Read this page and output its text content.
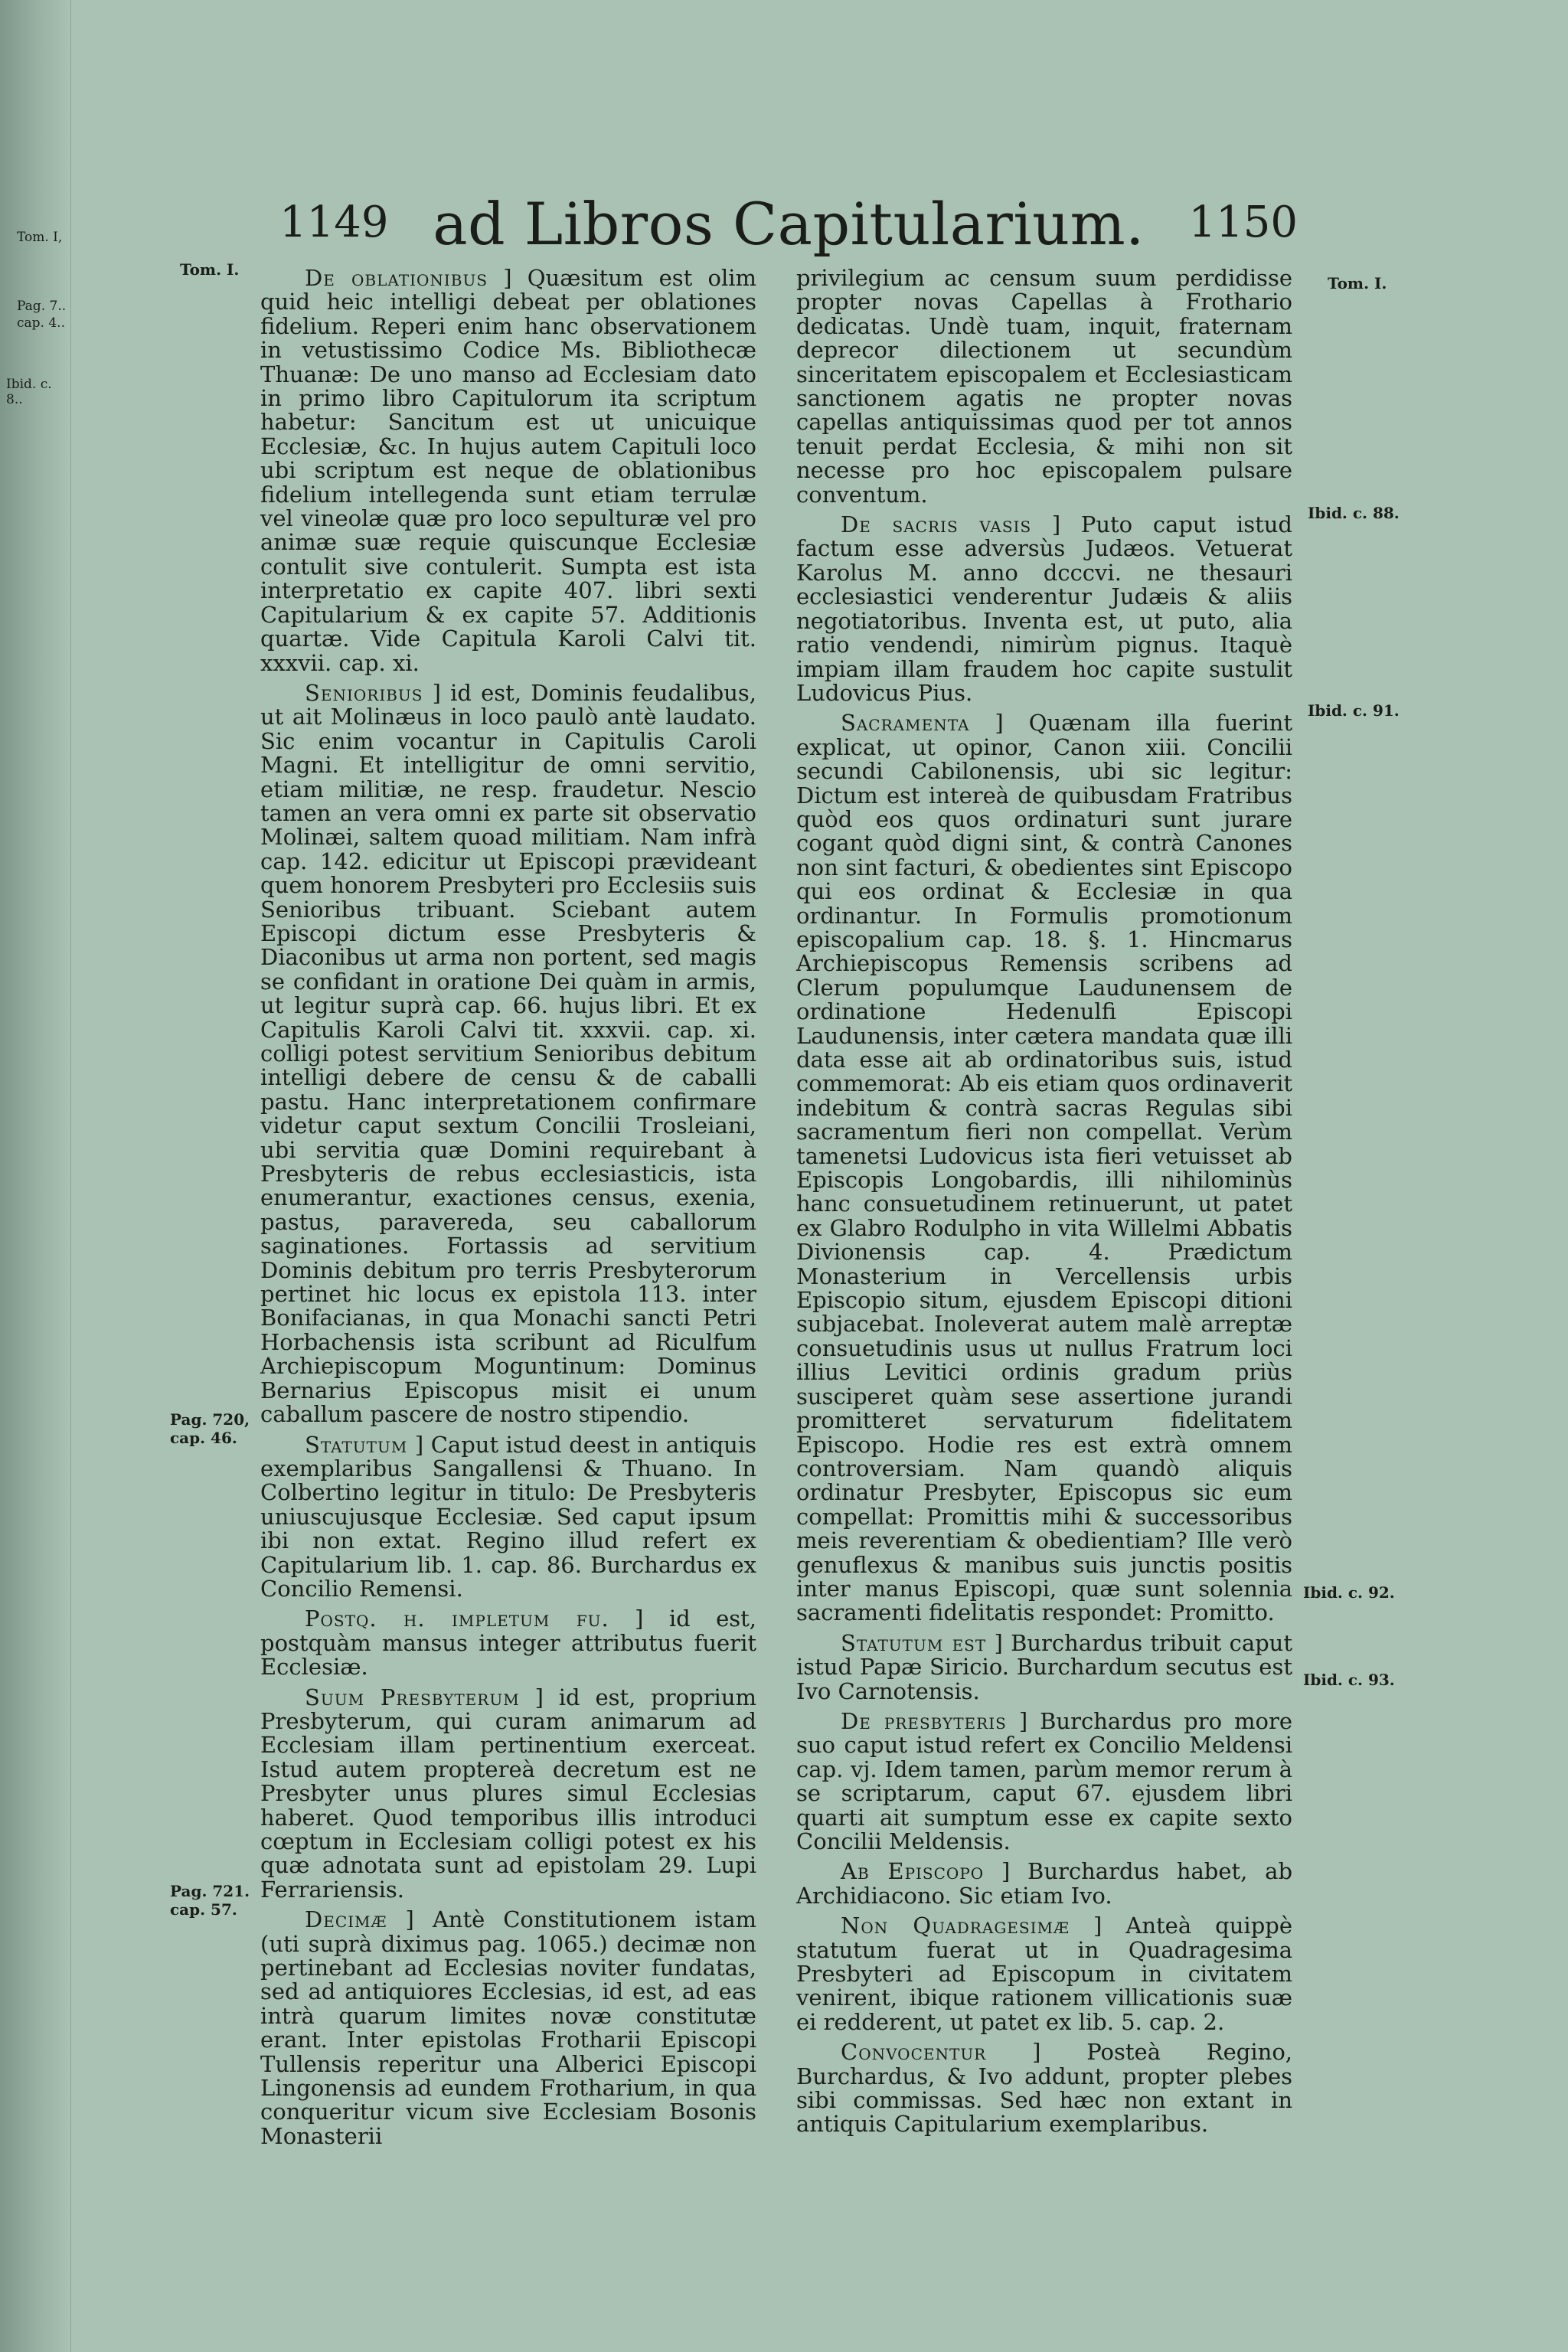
Tom. I,
Pag. 7..
cap. 4..
Ibid. c. 8..
1149 ad Libros Capitularium.	1150
Tom. I.
Pag. 720,
cap. 46.
Pag. 721.
cap. 57.
Tom. I.
Ibid. c. 88.
Ibid. c. 91.
Ibid. c. 92.
Ibid. c. 93.

De oblationibus ] Quæsitum est olim quid heic intelligi debeat per oblationes fidelium. Reperi enim hanc observationem in vetustissimo Codice Ms. Bibliothecæ Thuanæ: De uno manso ad Ecclesiam dato in primo libro Capitulorum ita scriptum habetur: Sancitum est ut unicuique Ecclesiæ, &c. In hujus autem Capituli loco ubi scriptum est neque de oblationibus fidelium intellegenda sunt etiam terrulæ vel vineolæ quæ pro loco sepulturæ vel pro animæ suæ requie quiscunque Ecclesiæ contulit sive contulerit. Sumpta est ista interpretatio ex capite 407. libri sexti Capitularium & ex capite 57. Additionis quartæ. Vide Capitula Karoli Calvi tit. xxxvii. cap. xi.

Senioribus ] id est, Dominis feudalibus, ut ait Molinæus in loco paulò antè laudato. Sic enim vocantur in Capitulis Caroli Magni. Et intelligitur de omni servitio, etiam militiæ, ne resp. fraudetur. Nescio tamen an vera omni ex parte sit observatio Molinæi, saltem quoad militiam. Nam infrà cap. 142. edicitur ut Episcopi prævideant quem honorem Presbyteri pro Ecclesiis suis Senioribus tribuant. Sciebant autem Episcopi dictum esse Presbyteris & Diaconibus ut arma non portent, sed magis se confidant in oratione Dei quàm in armis, ut legitur suprà cap. 66. hujus libri. Et ex Capitulis Karoli Calvi tit. xxxvii. cap. xi. colligi potest servitium Senioribus debitum intelligi debere de censu & de caballi pastu. Hanc interpretationem confirmare videtur caput sextum Concilii Trosleiani, ubi servitia quæ Domini requirebant à Presbyteris de rebus ecclesiasticis, ista enumerantur, exactiones census, exenia, pastus, paravereda, seu caballorum saginationes. Fortassis ad servitium Dominis debitum pro terris Presbyterorum pertinet hic locus ex epistola 113. inter Bonifacianas, in qua Monachi sancti Petri Horbachensis ista scribunt ad Riculfum Archiepiscopum Moguntinum: Dominus Bernarius Episcopus misit ei unum caballum pascere de nostro stipendio.

Statutum ] Caput istud deest in antiquis exemplaribus Sangallensi & Thuano. In Colbertino legitur in titulo: De Presbyteris uniuscujusque Ecclesiæ. Sed caput ipsum ibi non extat. Regino illud refert ex Capitularium lib. 1. cap. 86. Burchardus ex Concilio Remensi.

Postq. h. impletum fu. ] id est, postquàm mansus integer attributus fuerit Ecclesiæ.

Suum Presbyterum ] id est, proprium Presbyterum, qui curam animarum ad Ecclesiam illam pertinentium exerceat. Istud autem proptereà decretum est ne Presbyter unus plures simul Ecclesias haberet. Quod temporibus illis introduci cœptum in Ecclesiam colligi potest ex his quæ adnotata sunt ad epistolam 29. Lupi Ferrariensis.

Decimæ ] Antè Constitutionem istam (uti suprà diximus pag. 1065.) decimæ non pertinebant ad Ecclesias noviter fundatas, sed ad antiquiores Ecclesias, id est, ad eas intrà quarum limites novæ constitutæ erant. Inter epistolas Frotharii Episcopi Tullensis reperitur una Alberici Episcopi Lingonensis ad eundem Frotharium, in qua conqueritur vicum sive Ecclesiam Bosonis Monasterii

privilegium ac censum suum perdidisse propter novas Capellas à Frothario dedicatas. Undè tuam, inquit, fraternam deprecor dilectionem ut secundùm sinceritatem episcopalem et Ecclesiasticam sanctionem agatis ne propter novas capellas antiquissimas quod per tot annos tenuit perdat Ecclesia, & mihi non sit necesse pro hoc episcopalem pulsare conventum.

De sacris vasis ] Puto caput istud factum esse adversùs Judæos. Vetuerat Karolus M. anno dcccvi. ne thesauri ecclesiastici venderentur Judæis & aliis negotiatoribus. Inventa est, ut puto, alia ratio vendendi, nimirùm pignus. Itaquè impiam illam fraudem hoc capite sustulit Ludovicus Pius.

Sacramenta ] Quænam illa fuerint explicat, ut opinor, Canon xiii. Concilii secundi Cabilonensis, ubi sic legitur: Dictum est intereà de quibusdam Fratribus quòd eos quos ordinaturi sunt jurare cogant quòd digni sint, & contrà Canones non sint facturi, & obedientes sint Episcopo qui eos ordinat & Ecclesiæ in qua ordinantur. In Formulis promotionum episcopalium cap. 18. §. 1. Hincmarus Archiepiscopus Remensis scribens ad Clerum populumque Laudunensem de ordinatione Hedenulfi Episcopi Laudunensis, inter cætera mandata quæ illi data esse ait ab ordinatoribus suis, istud commemorat: Ab eis etiam quos ordinaverit indebitum & contrà sacras Regulas sibi sacramentum fieri non compellat. Verùm tamenetsi Ludovicus ista fieri vetuisset ab Episcopis Longobardis, illi nihilominùs hanc consuetudinem retinuerunt, ut patet ex Glabro Rodulpho in vita Willelmi Abbatis Divionensis cap. 4. Prædictum Monasterium in Vercellensis urbis Episcopio situm, ejusdem Episcopi ditioni subjacebat. Inoleverat autem malè arreptæ consuetudinis usus ut nullus Fratrum loci illius Levitici ordinis gradum priùs susciperet quàm sese assertione jurandi promitteret servaturum fidelitatem Episcopo. Hodie res est extrà omnem controversiam. Nam quandò aliquis ordinatur Presbyter, Episcopus sic eum compellat: Promittis mihi & successoribus meis reverentiam & obedientiam? Ille verò genuflexus & manibus suis junctis positis inter manus Episcopi, quæ sunt solennia sacramenti fidelitatis respondet: Promitto.

Statutum est ] Burchardus tribuit caput istud Papæ Siricio. Burchardum secutus est Ivo Carnotensis.

De presbyteris ] Burchardus pro more suo caput istud refert ex Concilio Meldensi cap. vj. Idem tamen, parùm memor rerum à se scriptarum, caput 67. ejusdem libri quarti ait sumptum esse ex capite sexto Concilii Meldensis.

Ab Episcopo ] Burchardus habet, ab Archidiacono. Sic etiam Ivo.

Non Quadragesimæ ] Anteà quippè statutum fuerat ut in Quadragesima Presbyteri ad Episcopum in civitatem venirent, ibique rationem villicationis suæ ei redderent, ut patet ex lib. 5. cap. 2.

Convocentur ] Posteà Regino, Burchardus, & Ivo addunt, propter plebes sibi commissas. Sed hæc non extant in antiquis Capitularium exemplaribus.
